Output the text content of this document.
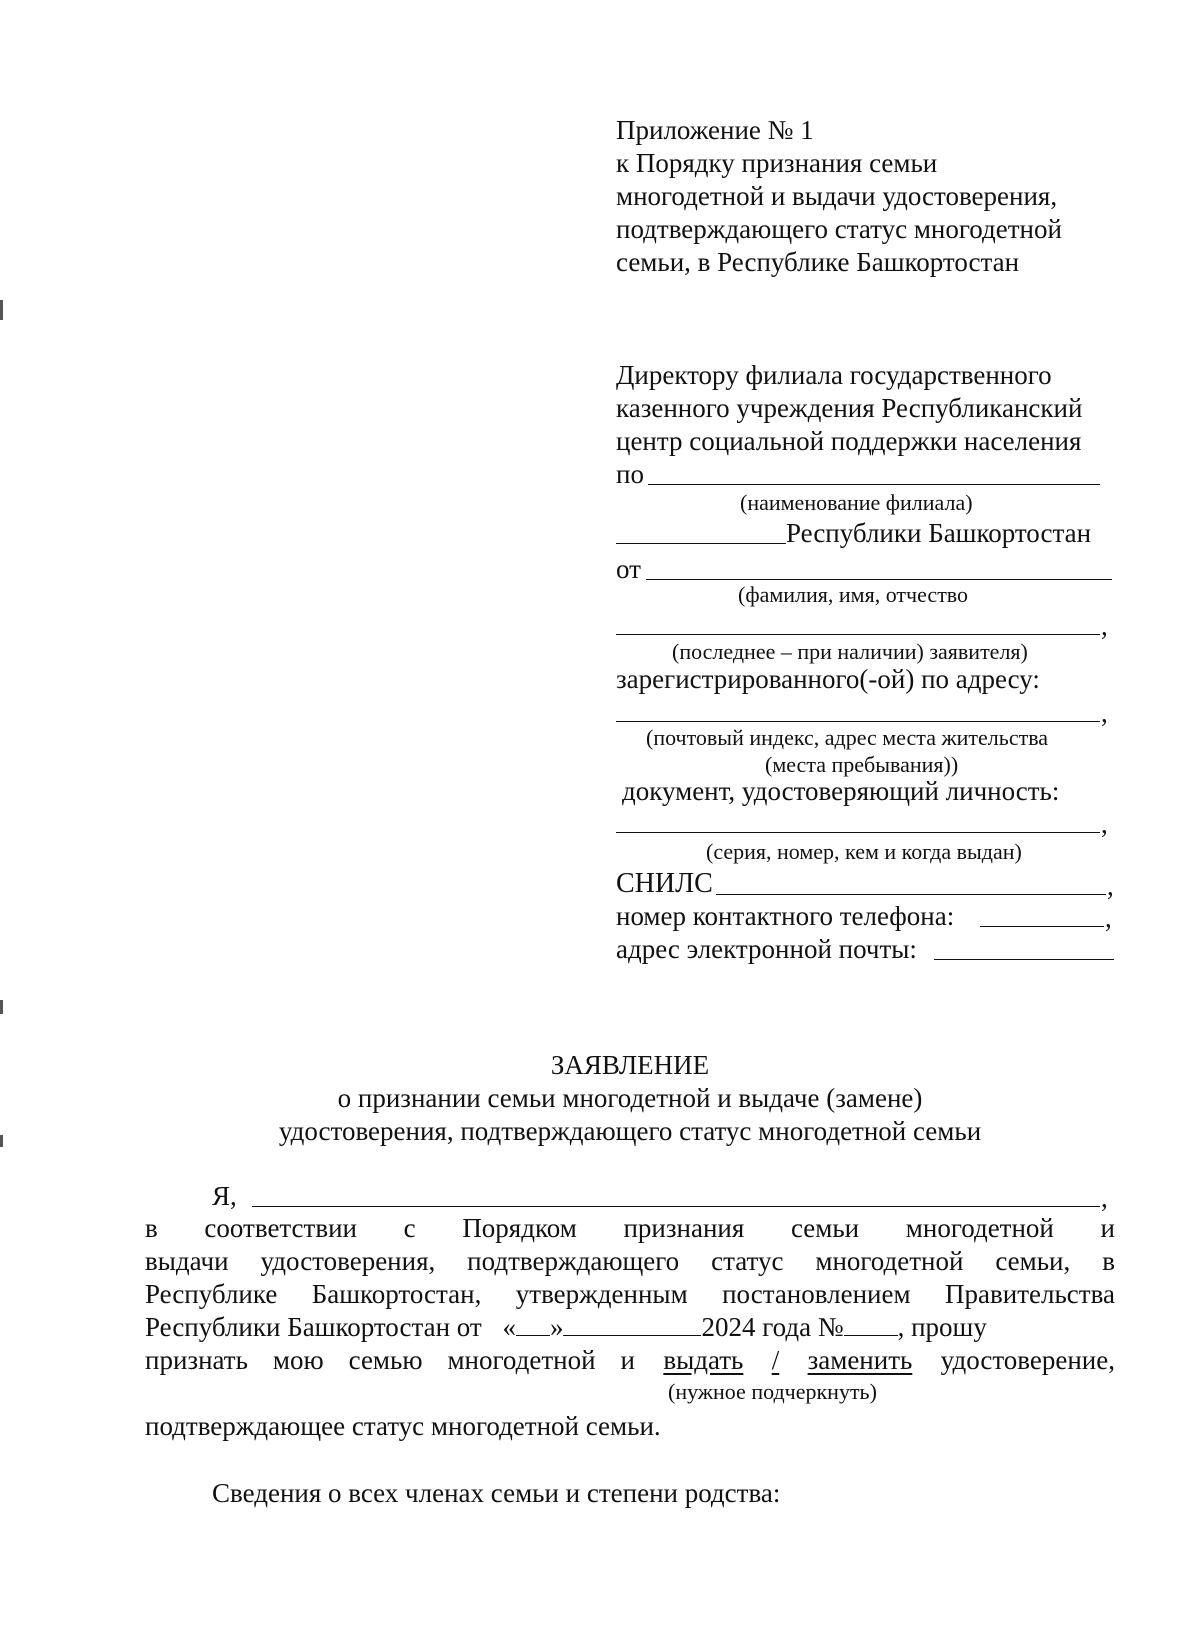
Приложение № 1
к Порядку признания семьи
многодетной и выдачи удостоверения,
подтверждающего статус многодетной
семьи, в Республике Башкортостан
Директору филиала государственного
казенного учреждения Республиканский
центр социальной поддержки населения
по
(наименование филиала)
Республики Башкортостан
от
(фамилия, имя, отчество
,
(последнее – при наличии) заявителя)
зарегистрированного(-ой) по адресу:
,
(почтовый индекс, адрес места жительства
(места пребывания))
документ, удостоверяющий личность:
,
(серия, номер, кем и когда выдан)
СНИЛС	,
номер контактного телефона:	,
адрес электронной почты:
ЗАЯВЛЕНИЕ
о признании семьи многодетной и выдаче (замене)
удостоверения, подтверждающего статус многодетной семьи
Я,	,
в соответствии с Порядком признания семьи многодетной и
выдачи удостоверения, подтверждающего статус многодетной семьи, в
Республике Башкортостан, утвержденным постановлением Правительства
Республики Башкортостан от « »	2024 года № , прошу
признать мою семью многодетной и выдать / заменить удостоверение,
(нужное подчеркнуть)
подтверждающее статус многодетной семьи.
Сведения о всех членах семьи и степени родства:
